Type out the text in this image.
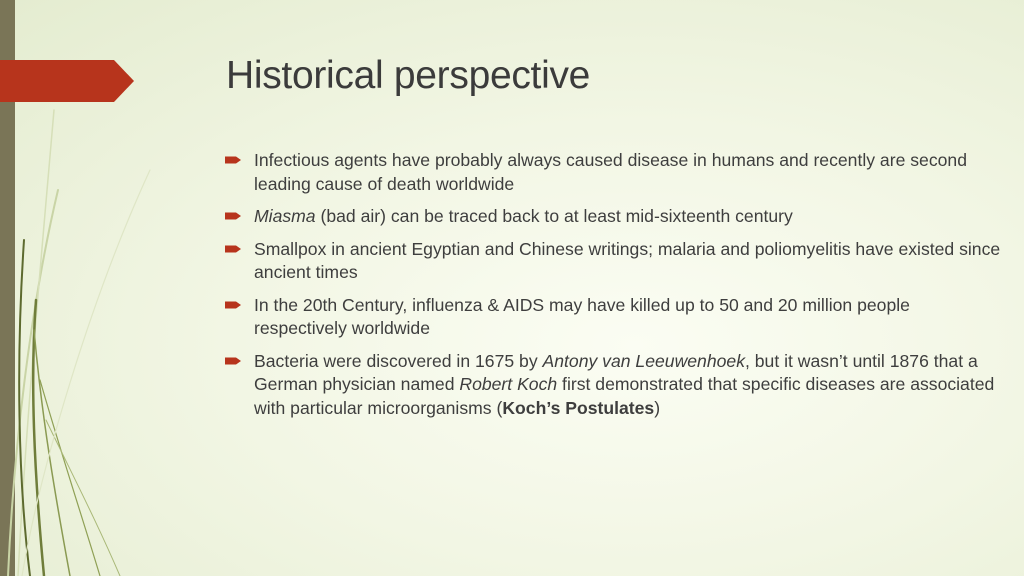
Historical perspective
Infectious agents have probably always caused disease in humans and recently are second leading cause of death worldwide
Miasma (bad air) can be traced back to at least mid-sixteenth century
Smallpox in ancient Egyptian and Chinese writings; malaria and poliomyelitis have existed since ancient times
In the 20th Century, influenza & AIDS may have killed up to 50 and 20 million people respectively worldwide
Bacteria were discovered in 1675 by Antony van Leeuwenhoek, but it wasn’t until 1876 that a German physician named Robert Koch first demonstrated that specific diseases are associated with particular microorganisms (Koch’s Postulates)
